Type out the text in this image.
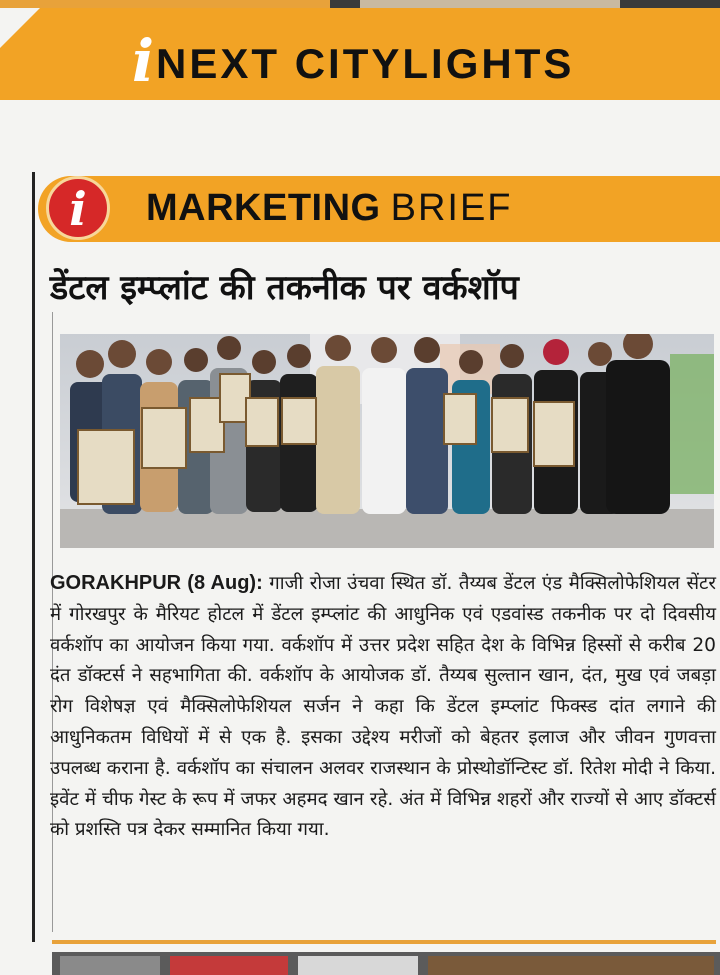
i NEXT CITYLIGHTS
i	MARKETING BRIEF
डेंटल इम्प्लांट की तकनीक पर वर्कशॉप
GORAKHPUR (8 Aug): गाजी रोजा उंचवा स्थित डॉ. तैय्यब डेंटल एंड मैक्सिलोफेशियल सेंटर में गोरखपुर के मैरियट होटल में डेंटल इम्प्लांट की आधुनिक एवं एडवांस्ड तकनीक पर दो दिवसीय वर्कशॉप का आयोजन किया गया. वर्कशॉप में उत्तर प्रदेश सहित देश के विभिन्न हिस्सों से करीब 20 दंत डॉक्टर्स ने सहभागिता की. वर्कशॉप के आयोजक डॉ. तैय्यब सुल्तान खान, दंत, मुख एवं जबड़ा रोग विशेषज्ञ एवं मैक्सिलोफेशियल सर्जन ने कहा कि डेंटल इम्प्लांट फिक्स्ड दांत लगाने की आधुनिकतम विधियों में से एक है. इसका उद्देश्य मरीजों को बेहतर इलाज और जीवन गुणवत्ता उपलब्ध कराना है. वर्कशॉप का संचालन अलवर राजस्थान के प्रोस्थोडॉन्टिस्ट डॉ. रितेश मोदी ने किया. इवेंट में चीफ गेस्ट के रूप में जफर अहमद खान रहे. अंत में विभिन्न शहरों और राज्यों से आए डॉक्टर्स को प्रशस्ति पत्र देकर सम्मानित किया गया.
